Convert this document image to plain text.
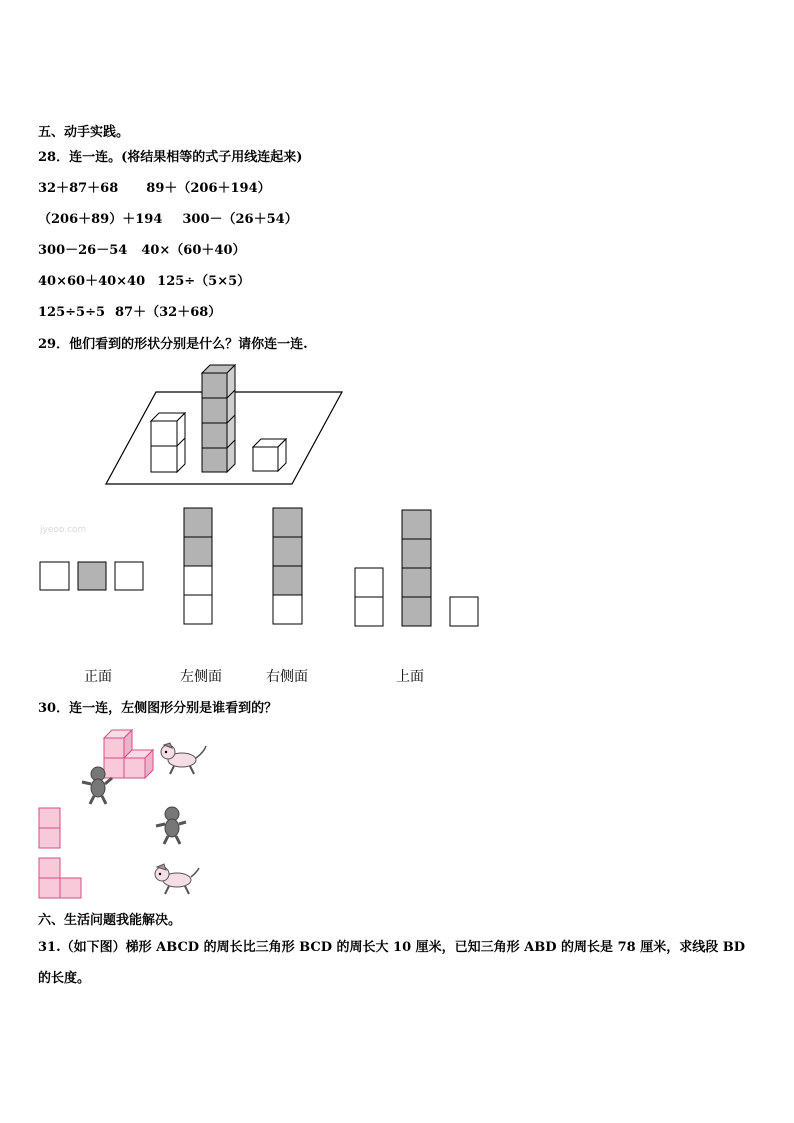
五、动手实践。
28．连一连。(将结果相等的式子用线连起来)
32＋87＋68 89＋（206＋194）
（206＋89）＋194 300－（26＋54）
300－26－54 40×（60＋40）
40×60＋40×40 125÷（5×5）
125÷5÷5 87＋（32＋68）
29．他们看到的形状分别是什么？请你连一连.
jyeoo.com
正面	左侧面	右侧面	上面
30．连一连，左侧图形分别是谁看到的？
六、生活问题我能解决。
31.（如下图）梯形 ABCD 的周长比三角形 BCD 的周长大 10 厘米，已知三角形 ABD 的周长是 78 厘米，求线段 BD
的长度。
